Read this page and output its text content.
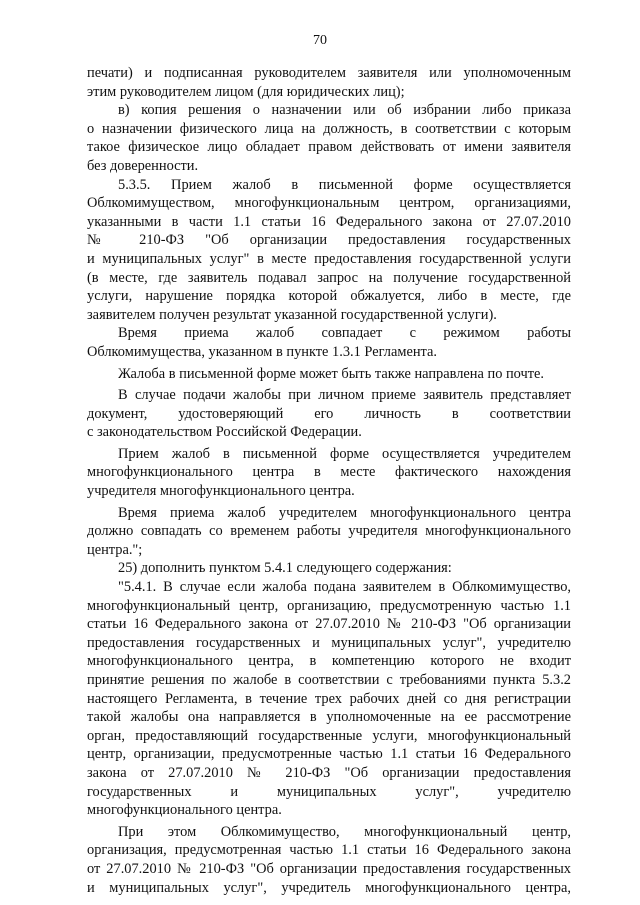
70
печати) и подписанная руководителем заявителя или уполномоченным
этим руководителем лицом (для юридических лиц);
в) копия решения о назначении или об избрании либо приказа
о назначении физического лица на должность, в соответствии с которым
такое физическое лицо обладает правом действовать от имени заявителя
без доверенности.
5.3.5. Прием жалоб в письменной форме осуществляется
Облкомимуществом, многофункциональным центром, организациями,
указанными в части 1.1 статьи 16 Федерального закона от 27.07.2010
№ 210-ФЗ "Об организации предоставления государственных
и муниципальных услуг" в месте предоставления государственной услуги
(в месте, где заявитель подавал запрос на получение государственной
услуги, нарушение порядка которой обжалуется, либо в месте, где
заявителем получен результат указанной государственной услуги).
Время приема жалоб совпадает с режимом работы
Облкомимущества, указанном в пункте 1.3.1 Регламента.
Жалоба в письменной форме может быть также направлена по почте.
В случае подачи жалобы при личном приеме заявитель представляет
документ, удостоверяющий его личность в соответствии
с законодательством Российской Федерации.
Прием жалоб в письменной форме осуществляется учредителем
многофункционального центра в месте фактического нахождения
учредителя многофункционального центра.
Время приема жалоб учредителем многофункционального центра
должно совпадать со временем работы учредителя многофункционального
центра.";
25) дополнить пунктом 5.4.1 следующего содержания:
"5.4.1. В случае если жалоба подана заявителем в Облкомимущество,
многофункциональный центр, организацию, предусмотренную частью 1.1
статьи 16 Федерального закона от 27.07.2010 № 210-ФЗ "Об организации
предоставления государственных и муниципальных услуг", учредителю
многофункционального центра, в компетенцию которого не входит
принятие решения по жалобе в соответствии с требованиями пункта 5.3.2
настоящего Регламента, в течение трех рабочих дней со дня регистрации
такой жалобы она направляется в уполномоченные на ее рассмотрение
орган, предоставляющий государственные услуги, многофункциональный
центр, организации, предусмотренные частью 1.1 статьи 16 Федерального
закона от 27.07.2010 № 210-ФЗ "Об организации предоставления
государственных и муниципальных услуг", учредителю
многофункционального центра.
При этом Облкомимущество, многофункциональный центр,
организация, предусмотренная частью 1.1 статьи 16 Федерального закона
от 27.07.2010 № 210-ФЗ "Об организации предоставления государственных
и муниципальных услуг", учредитель многофункционального центра,
